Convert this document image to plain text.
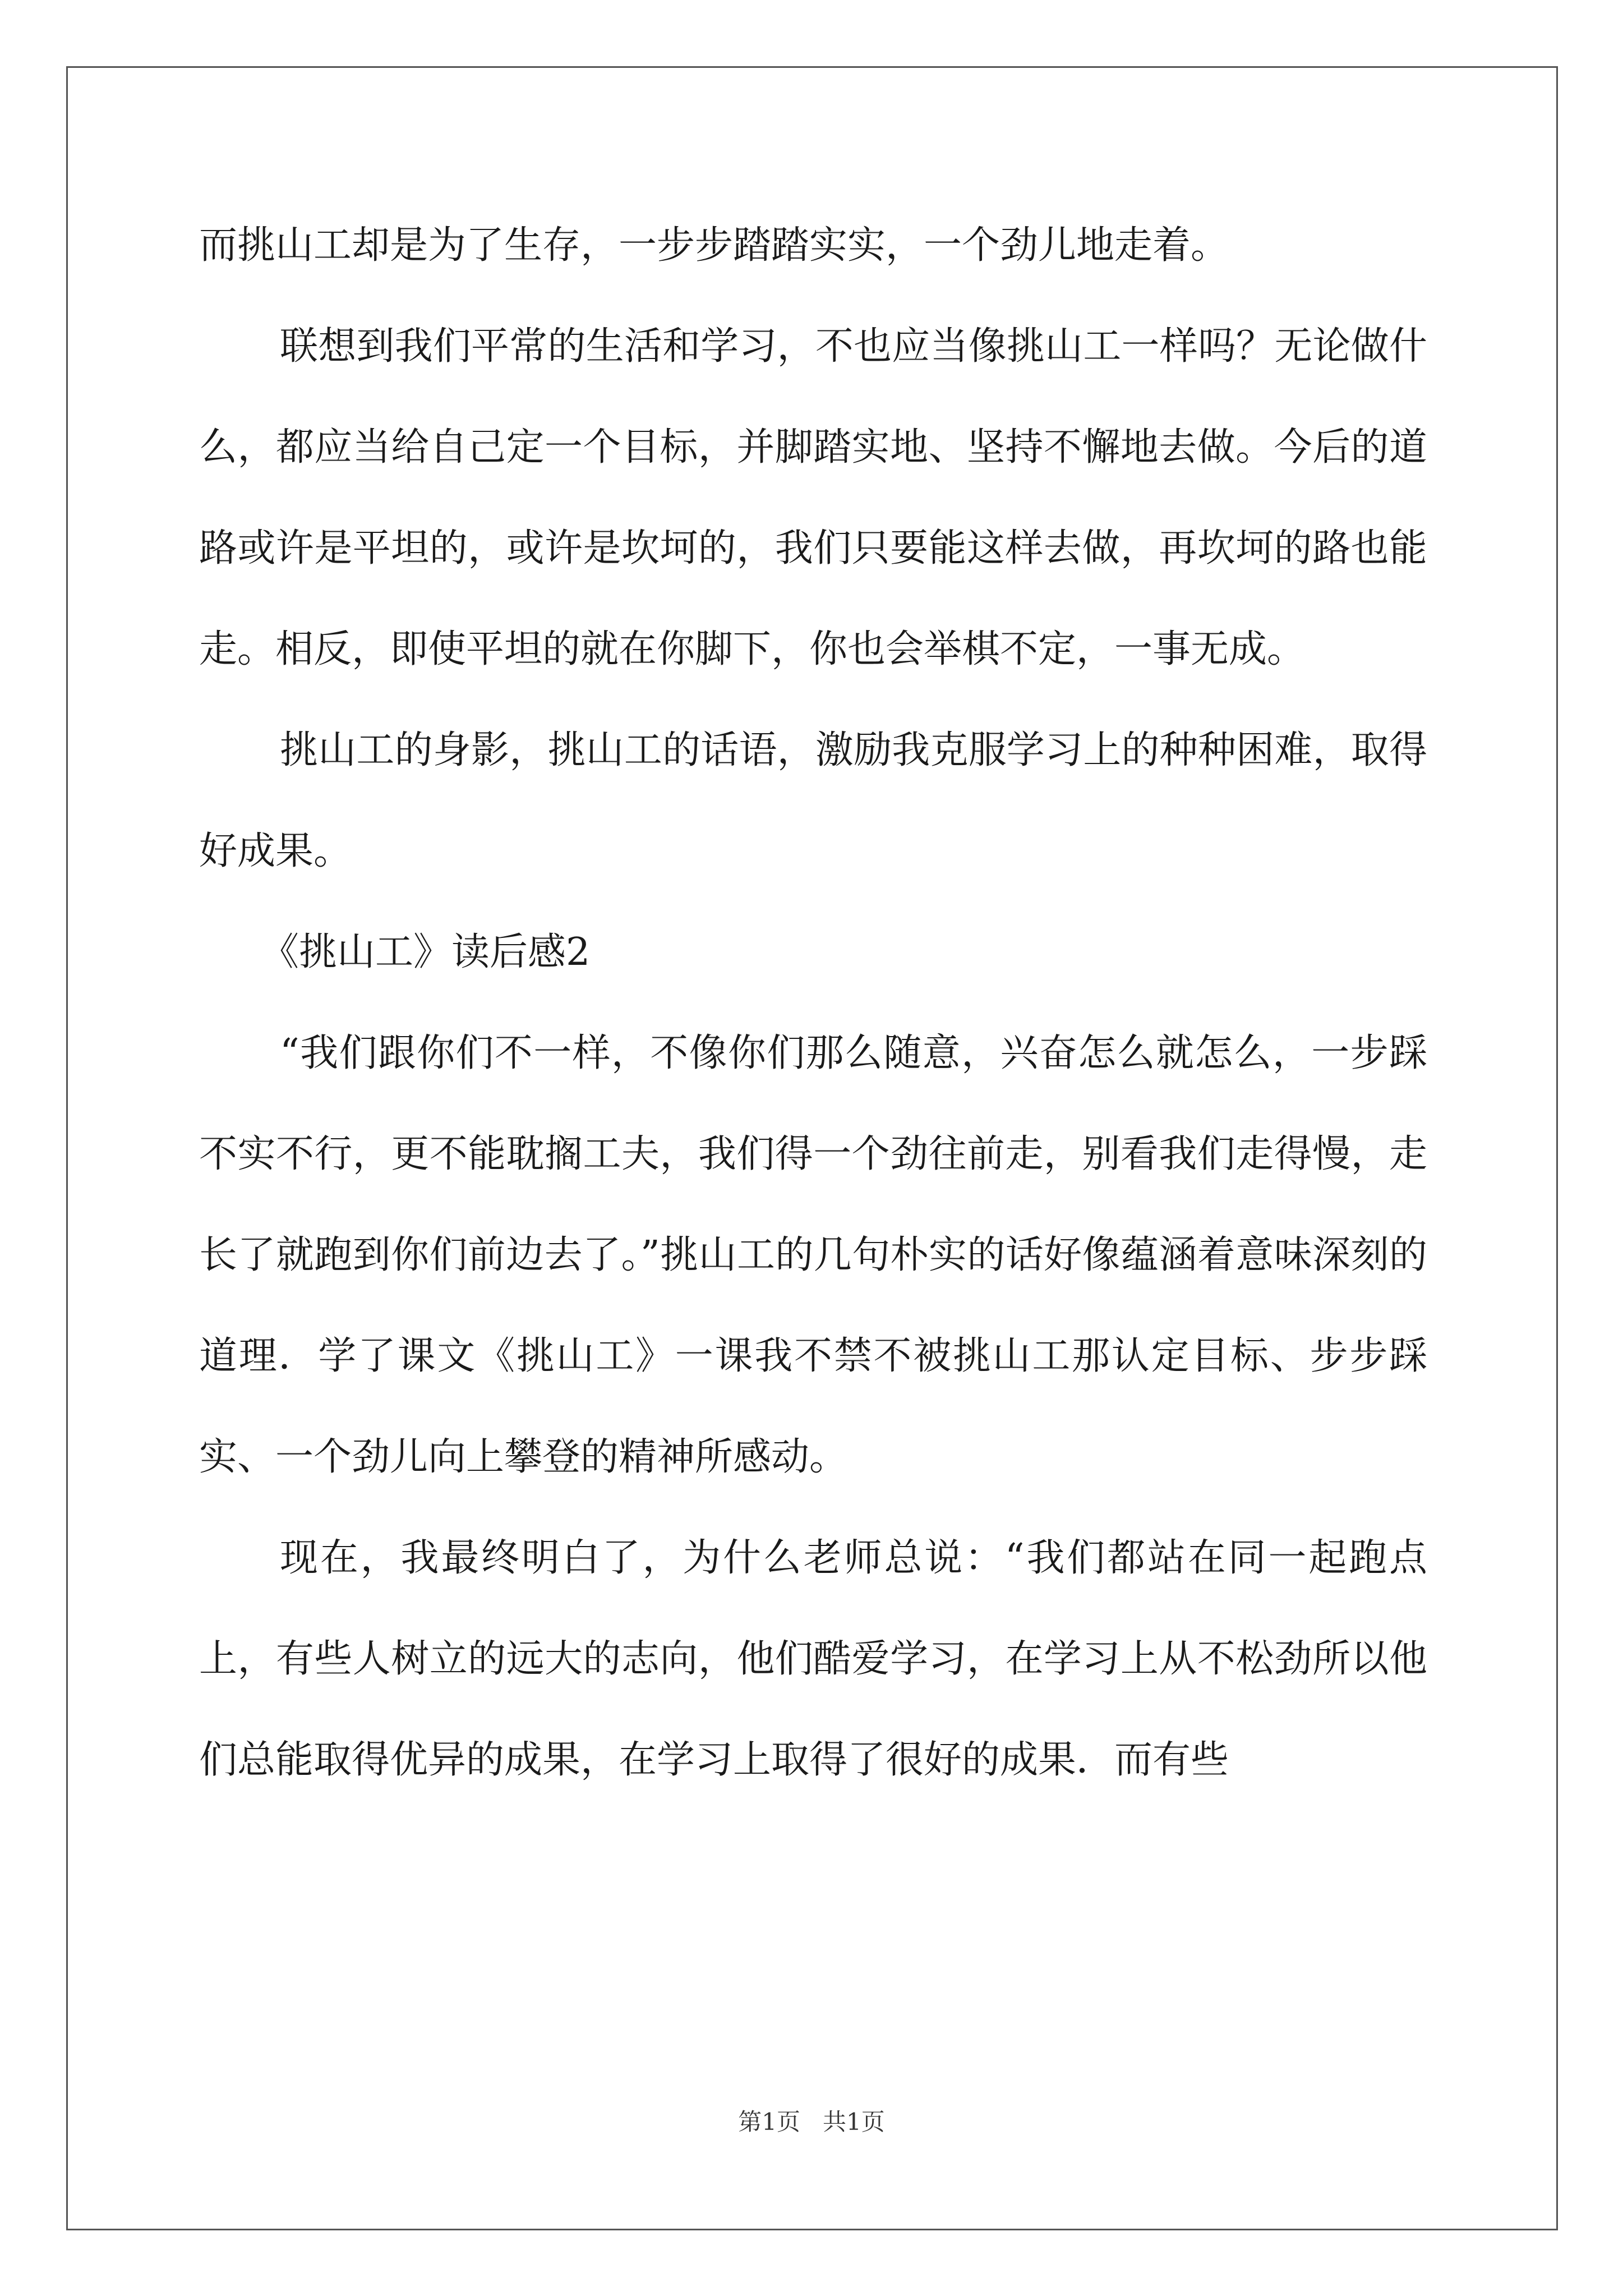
而挑山工却是为了生存，一步步踏踏实实，一个劲儿地走着。

联想到我们平常的生活和学习，不也应当像挑山工一样吗？无论做什么，都应当给自己定一个目标，并脚踏实地、坚持不懈地去做。今后的道路或许是平坦的，或许是坎坷的，我们只要能这样去做，再坎坷的路也能走。相反，即使平坦的就在你脚下，你也会举棋不定，一事无成。

挑山工的身影，挑山工的话语，激励我克服学习上的种种困难，取得好成果。

《挑山工》读后感2

“我们跟你们不一样，不像你们那么随意，兴奋怎么就怎么，一步踩不实不行，更不能耽搁工夫，我们得一个劲往前走，别看我们走得慢，走长了就跑到你们前边去了。”挑山工的几句朴实的话好像蕴涵着意味深刻的道理．学了课文《挑山工》一课我不禁不被挑山工那认定目标、步步踩实、一个劲儿向上攀登的精神所感动。

现在，我最终明白了，为什么老师总说：“我们都站在同一起跑点上，有些人树立的远大的志向，他们酷爱学习，在学习上从不松劲所以他们总能取得优异的成果，在学习上取得了很好的成果．而有些

第1页 共1页
